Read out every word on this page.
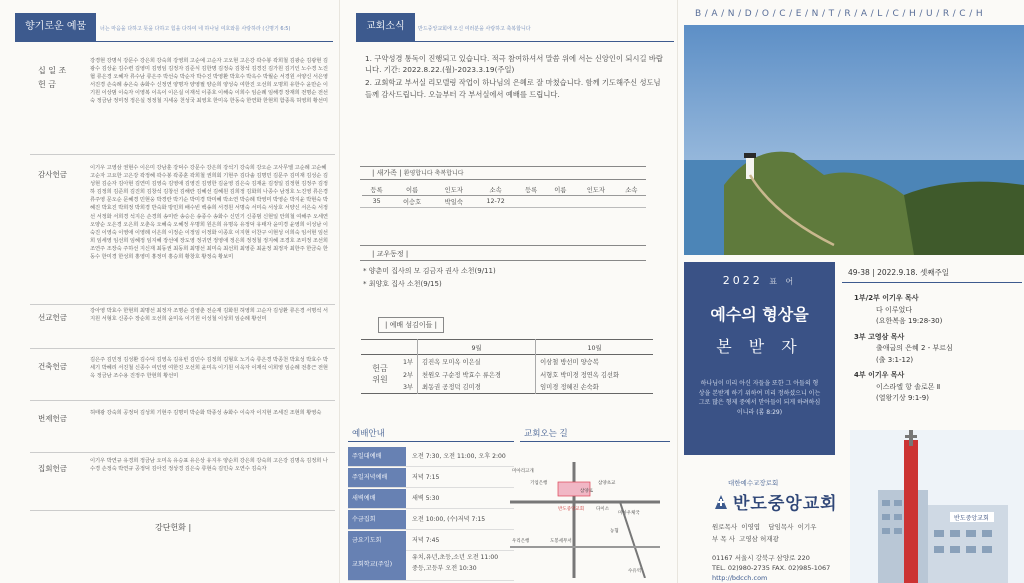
향기로운 예물	너는 마음을 다하고 뜻을 다하고 힘을 다하여 네 하나님 여호와를 사랑하라 (신명기 6:5)
십 일 조
헌 금
강경현 강명식 강문수 강은희 강숙희 강영희 고순예 고순자 고오현 고은강 곽수봉 곽희철 김광순 김광현 김광수 김상윤 김수련 김영미 김영임 김정자 김준식 김한명 김정숙 김창석 김경진 김가원 김기인 노수경 노진협 류은경 오혜자 류수남 류은주 박선숙 박순자 박수진 박영환 박호수 박옥수 박월순 서경원 서양신 서은영 서진경 손숙례 송은숙 송화수 신정연 양명자 양영필 양순희 양성숙 여한진 오선희 오명희 유한수 윤만순 이기원 이상범 이숙자 이영복 이옥이 이은실 이재석 이종호 이해숙 이희수 임순례 임해경 장재희 전명순 전선숙 정금남 정미정 정은실 정정철 지세웅 천성국 최영호 한미옥 한동숙 한연화 한현희 함종록 허영희 황선미
감사헌금
이기우 고영삼 권현수 이은미 강남훈 강덕수 강문수 강은희 강석기 강숙희 강오순 고사무엘 고순례 고순혜 고순자 고요한 고은강 곽정혜 곽수봉 곽종훈 곽희철 권희회 기현주 김다솔 김명민 김문주 김미재 김성순 김성현 김순자 김아현 김연미 김영숙 김영애 김영진 김영한 김윤영 김은숙 김재윤 김정일 김정현 김정주 김정하 김정희 김준희 김진희 김창석 김창선 김해란 김혜선 김혜원 김희정 김화희 나종수 남정호 노진영 류은경 류주영 문오순 문혜경 민현웅 박경란 박기순 박미경 박미혜 박소연 박승례 박영미 박영순 박지윤 박현숙 박혜진 박효진 박희정 박희경 반숙화 방민희 배수빈 백송희 서경원 서명숙 서미숙 서상호 서양신 서은숙 서정선 서정화 서희경 석지은 손경희 송미란 송승은 송종수 송화수 신민기 신종범 신현일 안희철 여해주 오세연 오양순 오은경 오은희 오춘옥 오혜숙 오혜정 우명희 원은희 유명옥 유정덕 유태자 윤미경 윤영희 이성남 이숙진 이영숙 이영애 이영례 이은희 이정순 이정임 이정화 이종호 이지현 이찬구 이현성 이희숙 임서현 임선희 임세영 임선희 임혜정 임지혜 장선예 장도영 정귀연 정영애 정은희 정정철 정지혜 조경호 조미정 조선희 조연주 조장숙 주하선 지신재 최동권 최동희 최명선 최미숙 최선희 최영준 최윤정 최정자 최한주 한금숙 한동수 한미경 한성희 홍영미 홍정미 홍승희 황창호 황정숙 황보미
선교헌금
강아영 박효수 한현희 최명선 최정자 조명순 김영춘 전순재 김화원 허영희 고순자 김성환 류은경 서명석 서지원 서형호 신종수 장순희 오선희 윤미옥 이기원 이성철 이상희 임순례 황선미
건축헌금
김은주 김민정 김성환 김수덕 김영옥 김유빈 김민수 김정희 김형호 노기숙 류은경 박종천 박효성 박효수 박세기 박혜리 서진철 신종수 여인영 여한진 오선희 윤미옥 이기원 이옥자 이재석 이희영 임순례 전흥근 전현옥 정금남 조수용 진정주 한현희 황선미
번제헌금
허태광 강숙희 공정덕 김성희 기현주 김명미 박순화 박종성 송화수 이숙자 이지현 조세진 조현희 황영숙
집회헌금
이기우 박연규 유경희 정금남 오미옥 유승표 유은상 유지우 양순희 강은희 강숙희 고은강 김명옥 김정희 나수경 손정숙 박연규 공정덕 김아진 정상경 김은숙 류현숙 김민숙 오연수 김숙자
강단헌화 |
교회소식	반드중앙교회에 오신 여러분을 사랑하고 축복합니다

1. 구약성경 통독이 진행되고 있습니다. 적극 참여하셔서 말씀 위에 서는 신앙인이 되시길 바랍니다. 기간: 2022.8.22.(월)-2023.3.19(주일)

2. 교회학교 부서실 리모델링 작업이 하나님의 은혜로 잘 마쳤습니다. 함께 기도해주신 성도님들께 감사드립니다. 오늘부터 각 부서실에서 예배를 드립니다.

| 새가족 | 환영합니다 축복합니다
등록	이름	인도자	소속	등록	이름	인도자	소속
35	이승호	박일숙	12-72				
| 교우동정 |
* 양춘미 집사의 모 김금자 권사 소천(9/11)
* 최양호 집사 소천(9/15)
| 예배 섬김이들 |
		9월	10월
헌금
위원	1부	김진옥 모미옥 이은실	이삼철 방선미 양승복
	2부	천원오 구순정 박효수 류은경	서형호 박미경 정연옥 김선화
	3부	최동권 공정덕 김미경	임미경 정혜진 손숙화
예배안내
주일대예배	오전 7:30, 오전 11:00, 오후 2:00
주일저녁예배	저녁 7:15
새벽예배	새벽 5:30
수금집회	오전 10:00, (수)저녁 7:15
금요기도회	저녁 7:45
교회학교(주일)
유치,유년,초등,소년 오전 11:00
중등,고등부 오전 10:30
교회오는 길
미아리고개
삼양로
기업은행	삼양초교
미아우체국
반도중앙교회
도봉세무서
수유역
다이소
농협
우리은행
B/A/N/D/O/C/E/N/T/R/A/L/C/H/U/R/C/H
2022 표 어
예수의 형상을
본 받 자
하나님이 미리 아신 자들을 또한 그 아들의 형상을 본받게 하기 위하여 미리 정하셨으니 이는 그로 많은 형제 중에서 맏아들이 되게 하려하심이니라 (롬 8:29)
49-38 | 2022.9.18. 셋째주일
1부/2부 이기우 목사
다 이루었다
(요한복음 19:28-30)
3부 고영삼 목사
출애굽의 은혜 2 - 부르심
(출 3:1-12)
4부 이기우 목사
이스라엘 항 솔로몬 Ⅱ
(열왕기상 9:1-9)
대한예수교장로회
반도중앙교회
원로목사  이영엽    담임목사  이기우
부 목 사  고영삼 허재광
01167 서울시 강북구 삼양로 220
TEL. 02)980-2735 FAX. 02)985-1067
http://bdcch.com
반도중앙교회
